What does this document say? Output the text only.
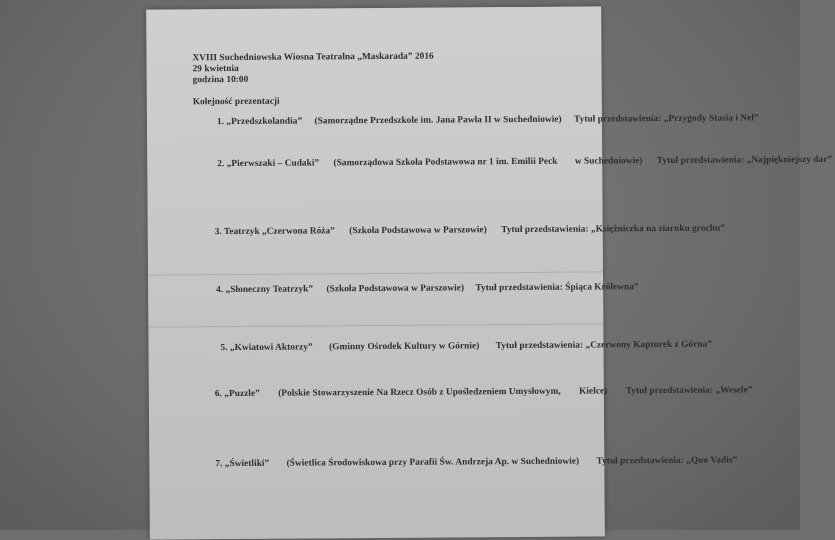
XVIII Suchedniowska Wiosna Teatralna „Maskarada” 2016
29 kwietnia
godzina 10:00
Kolejność prezentacji
1. „Przedszkolandia” (Samorządne Przedszkole im. Jana Pawła II w Suchedniowie) Tytuł przedstawienia: „Przygody Stasia i Nel”
2. „Pierwszaki – Cudaki” (Samorządowa Szkoła Podstawowa nr 1 im. Emilii Peck w Suchedniowie) Tytuł przedstawienia: „Najpiękniejszy dar”
3. Teatrzyk „Czerwona Róża” (Szkoła Podstawowa w Parszowie) Tytuł przedstawienia: „Księżniczka na ziarnku grochu”
4. „Słoneczny Teatrzyk” (Szkoła Podstawowa w Parszowie) Tytuł przedstawienia: Śpiąca Królewna”
5. „Kwiatowi Aktorzy” (Gminny Ośrodek Kultury w Górnie) Tytuł przedstawienia: „Czerwony Kapturek z Górna”
6. „Puzzle” (Polskie Stowarzyszenie Na Rzecz Osób z Upośledzeniem Umysłowym, Kielce) Tytuł przedstawienia: „Wesele”
7. „Świetliki” (Świetlica Środowiskowa przy Parafii Św. Andrzeja Ap. w Suchedniowie) Tytuł przedstawienia: „Quo Vadis”
